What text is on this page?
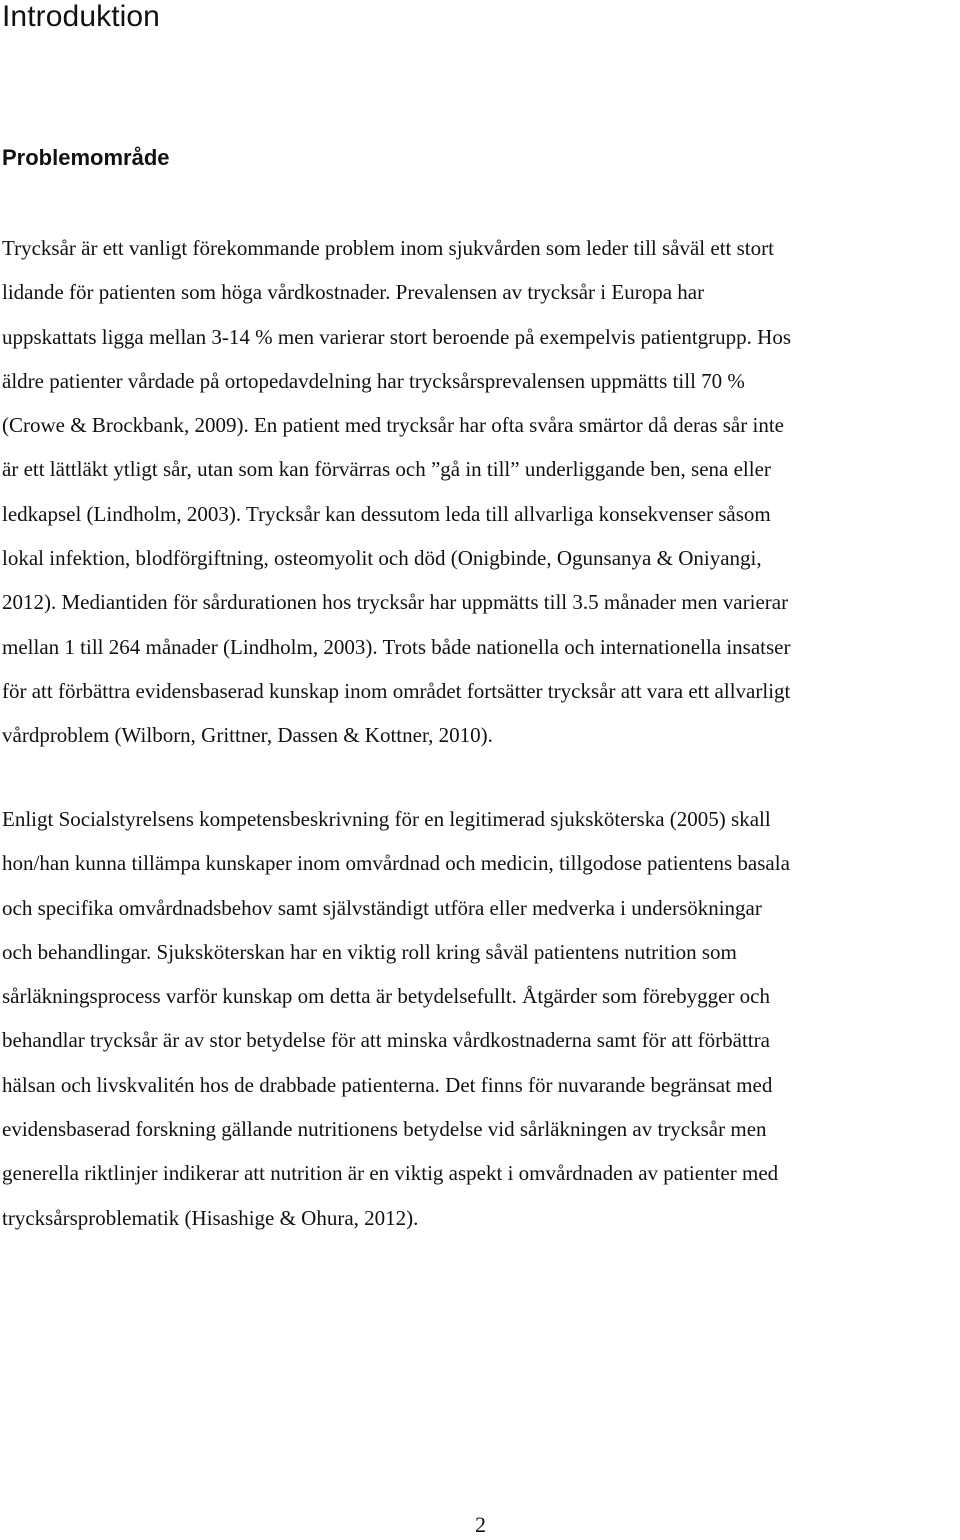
Introduktion
Problemområde

Trycksår är ett vanligt förekommande problem inom sjukvården som leder till såväl ett stort
lidande för patienten som höga vårdkostnader. Prevalensen av trycksår i Europa har
uppskattats ligga mellan 3-14 % men varierar stort beroende på exempelvis patientgrupp. Hos
äldre patienter vårdade på ortopedavdelning har trycksårsprevalensen uppmätts till 70 %
(Crowe & Brockbank, 2009). En patient med trycksår har ofta svåra smärtor då deras sår inte
är ett lättläkt ytligt sår, utan som kan förvärras och ”gå in till” underliggande ben, sena eller
ledkapsel (Lindholm, 2003). Trycksår kan dessutom leda till allvarliga konsekvenser såsom
lokal infektion, blodförgiftning, osteomyolit och död (Onigbinde, Ogunsanya & Oniyangi,
2012). Mediantiden för sårdurationen hos trycksår har uppmätts till 3.5 månader men varierar
mellan 1 till 264 månader (Lindholm, 2003). Trots både nationella och internationella insatser
för att förbättra evidensbaserad kunskap inom området fortsätter trycksår att vara ett allvarligt
vårdproblem (Wilborn, Grittner, Dassen & Kottner, 2010).

Enligt Socialstyrelsens kompetensbeskrivning för en legitimerad sjuksköterska (2005) skall
hon/han kunna tillämpa kunskaper inom omvårdnad och medicin, tillgodose patientens basala
och specifika omvårdnadsbehov samt självständigt utföra eller medverka i undersökningar
och behandlingar. Sjuksköterskan har en viktig roll kring såväl patientens nutrition som
sårläkningsprocess varför kunskap om detta är betydelsefullt. Åtgärder som förebygger och
behandlar trycksår är av stor betydelse för att minska vårdkostnaderna samt för att förbättra
hälsan och livskvalitén hos de drabbade patienterna. Det finns för nuvarande begränsat med
evidensbaserad forskning gällande nutritionens betydelse vid sårläkningen av trycksår men
generella riktlinjer indikerar att nutrition är en viktig aspekt i omvårdnaden av patienter med
trycksårsproblematik (Hisashige & Ohura, 2012).

2
